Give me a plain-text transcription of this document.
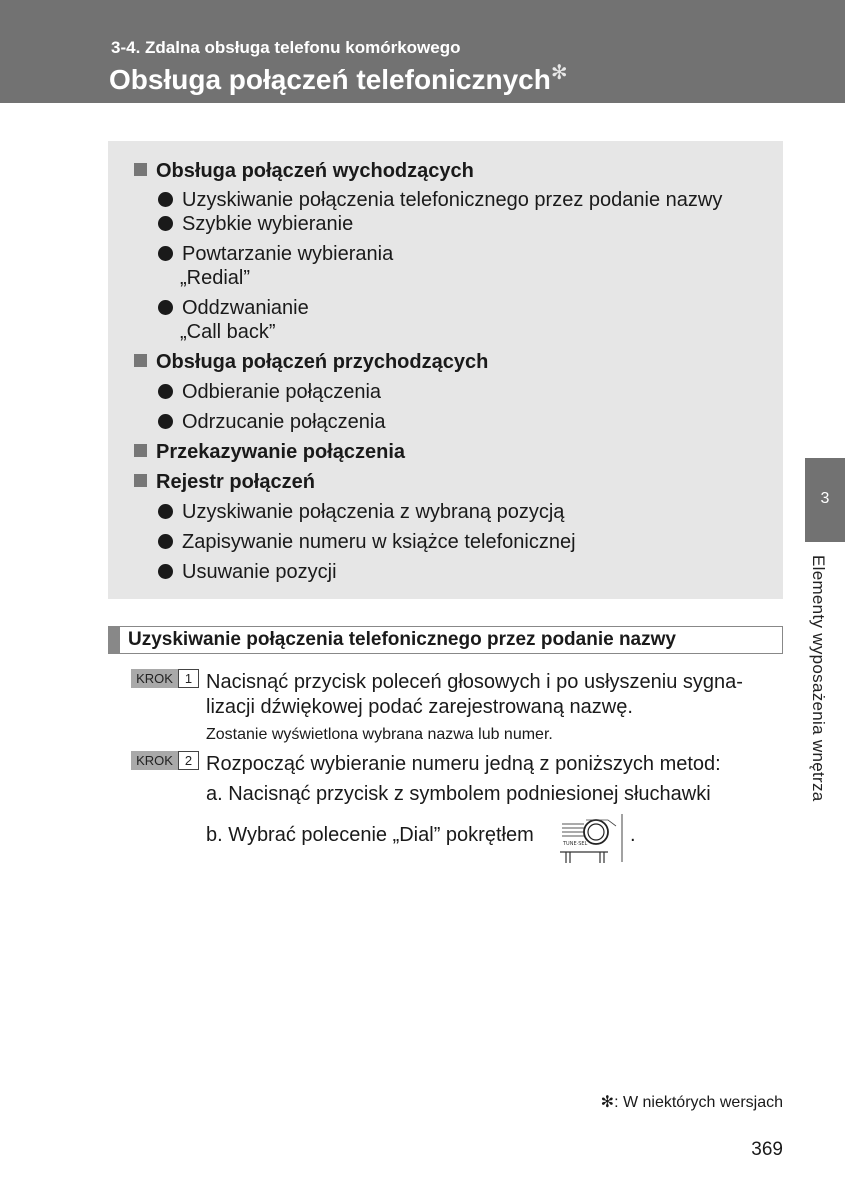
3-4. Zdalna obsługa telefonu komórkowego
Obsługa połączeń telefonicznych✻
3
Elementy wyposażenia wnętrza
Obsługa połączeń wychodzących
Uzyskiwanie połączenia telefonicznego przez podanie nazwy
Szybkie wybieranie
Powtarzanie wybierania
„Redial”
Oddzwanianie
„Call back”
Obsługa połączeń przychodzących
Odbieranie połączenia
Odrzucanie połączenia
Przekazywanie połączenia
Rejestr połączeń
Uzyskiwanie połączenia z wybraną pozycją
Zapisywanie numeru w książce telefonicznej
Usuwanie pozycji
Uzyskiwanie połączenia telefonicznego przez podanie nazwy
KROK 1 Nacisnąć przycisk poleceń głosowych i po usłyszeniu sygna-
lizacji dźwiękowej podać zarejestrowaną nazwę.
Zostanie wyświetlona wybrana nazwa lub numer.
KROK 2 Rozpocząć wybieranie numeru jedną z poniższych metod:
a. Nacisnąć przycisk z symbolem podniesionej słuchawki
b. Wybrać polecenie „Dial” pokrętłem	TUNE·SEL .
✻: W niektórych wersjach
369
